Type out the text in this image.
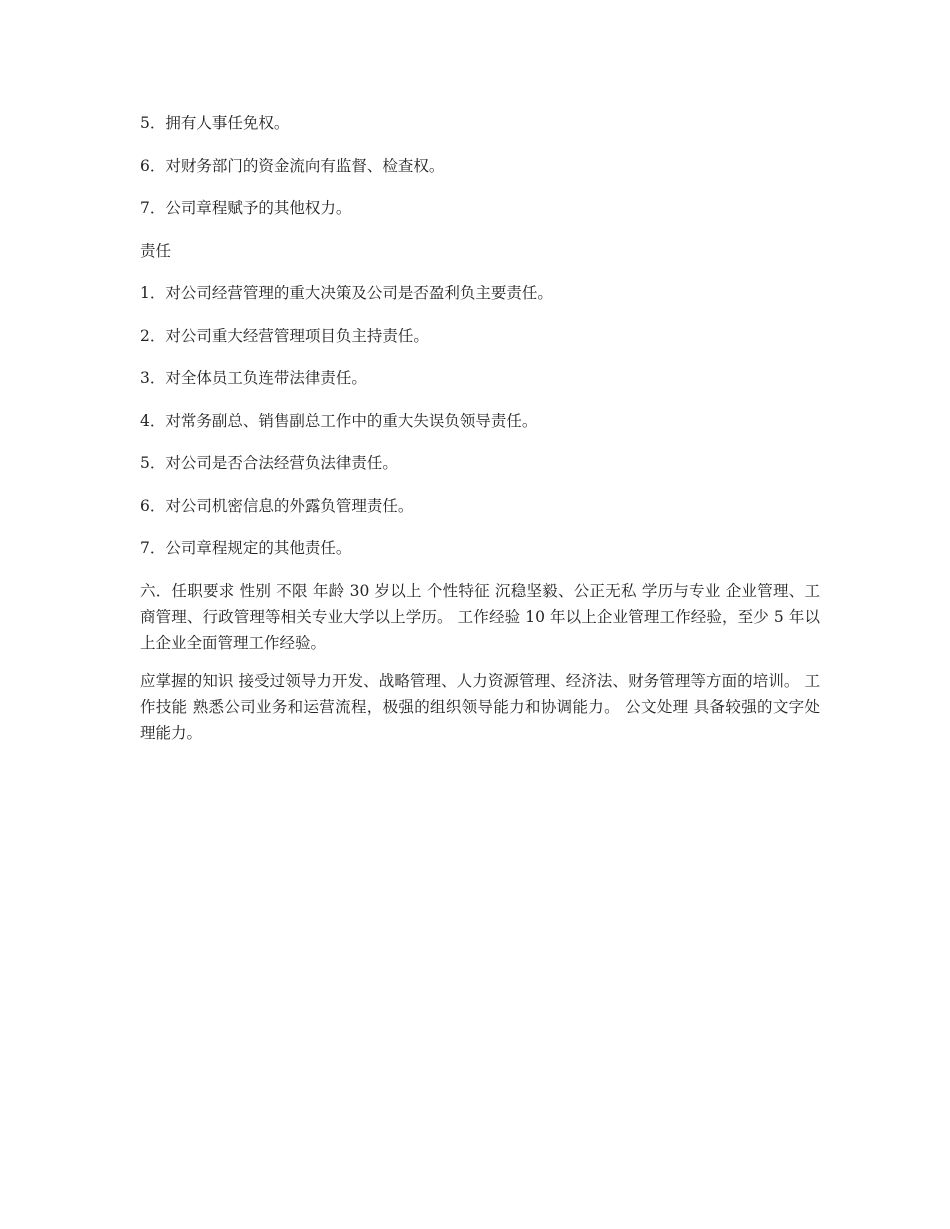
5．拥有人事任免权。

6．对财务部门的资金流向有监督、检查权。

7．公司章程赋予的其他权力。

责任

1．对公司经营管理的重大决策及公司是否盈利负主要责任。

2．对公司重大经营管理项目负主持责任。

3．对全体员工负连带法律责任。

4．对常务副总、销售副总工作中的重大失误负领导责任。

5．对公司是否合法经营负法律责任。

6．对公司机密信息的外露负管理责任。

7．公司章程规定的其他责任。

六．任职要求 性别 不限 年龄 30 岁以上 个性特征 沉稳坚毅、公正无私 学历与专业 企业管理、工商管理、行政管理等相关专业大学以上学历。 工作经验 10 年以上企业管理工作经验，至少 5 年以上企业全面管理工作经验。

应掌握的知识 接受过领导力开发、战略管理、人力资源管理、经济法、财务管理等方面的培训。 工作技能 熟悉公司业务和运营流程，极强的组织领导能力和协调能力。 公文处理 具备较强的文字处理能力。
